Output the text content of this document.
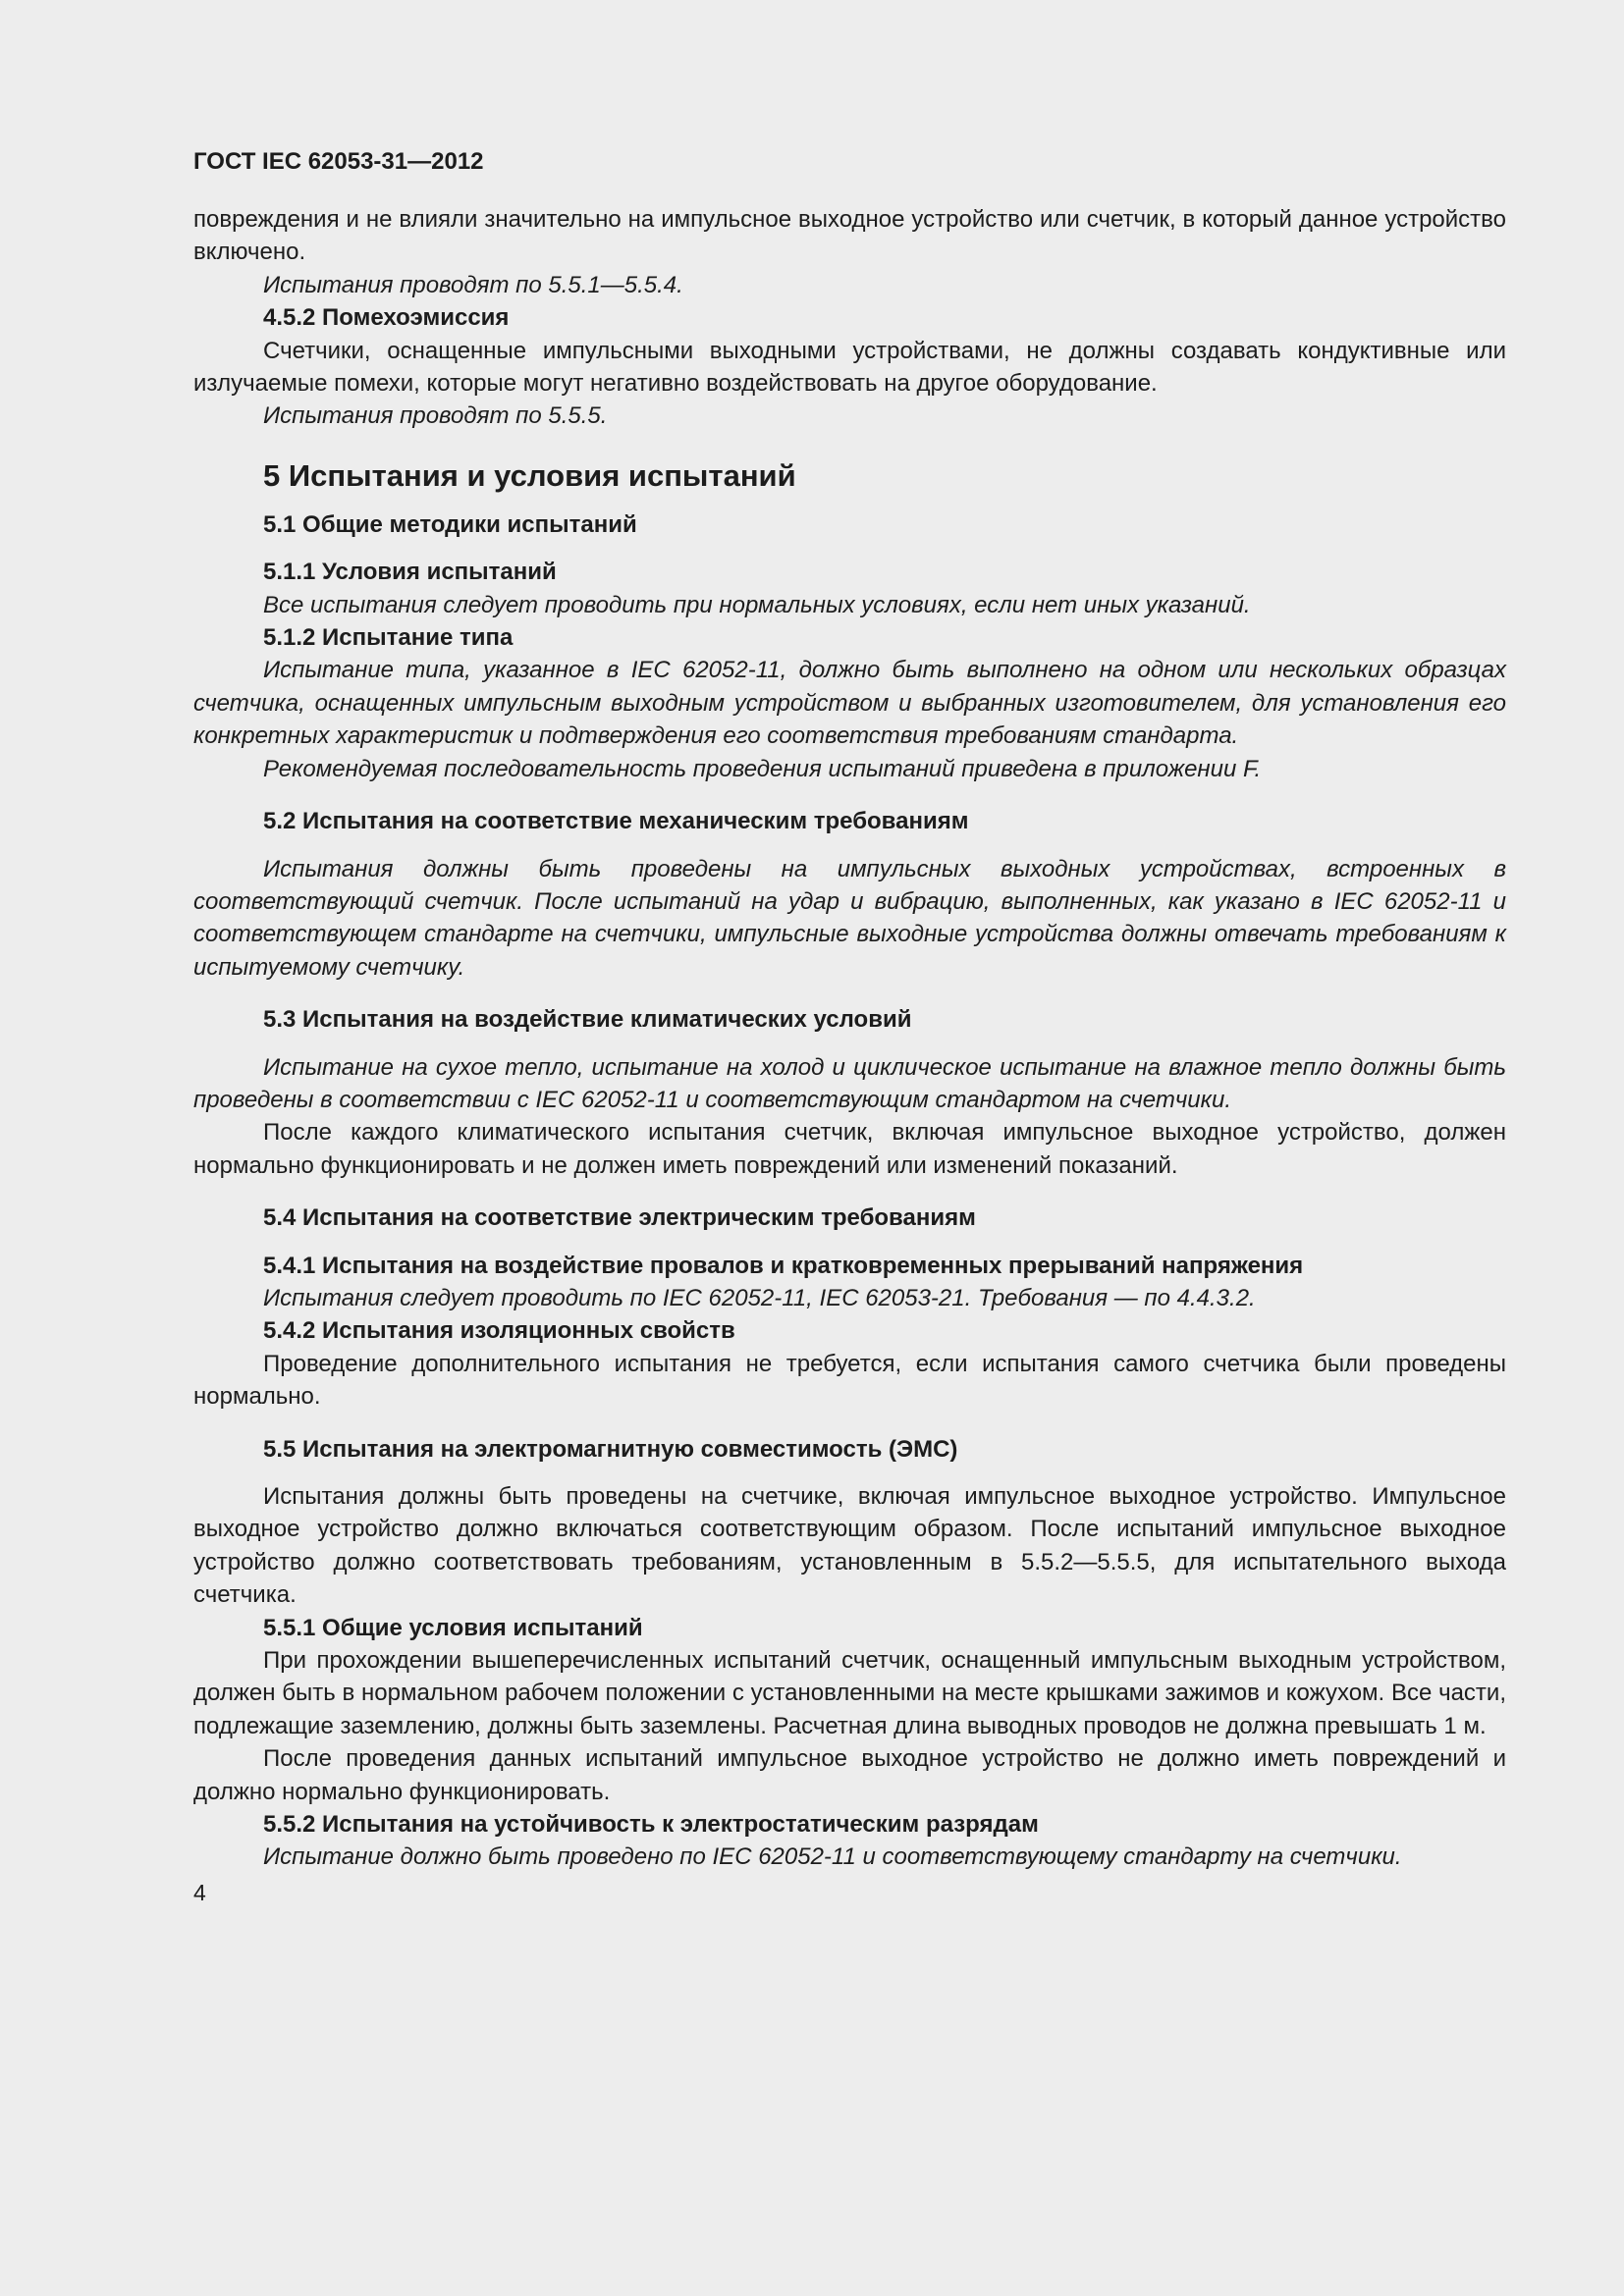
ГОСТ IEC 62053-31—2012

повреждения и не влияли значительно на импульсное выходное устройство или счетчик, в который данное устройство включено.

Испытания проводят по 5.5.1—5.5.4.

4.5.2 Помехоэмиссия

Счетчики, оснащенные импульсными выходными устройствами, не должны создавать кондуктивные или излучаемые помехи, которые могут негативно воздействовать на другое оборудование.

Испытания проводят по 5.5.5.

5 Испытания и условия испытаний
5.1 Общие методики испытаний
5.1.1 Условия испытаний

Все испытания следует проводить при нормальных условиях, если нет иных указаний.

5.1.2 Испытание типа

Испытание типа, указанное в IEC 62052-11, должно быть выполнено на одном или нескольких образцах счетчика, оснащенных импульсным выходным устройством и выбранных изготовителем, для установления его конкретных характеристик и подтверждения его соответствия требованиям стандарта.

Рекомендуемая последовательность проведения испытаний приведена в приложении F.

5.2 Испытания на соответствие механическим требованиям

Испытания должны быть проведены на импульсных выходных устройствах, встроенных в соответствующий счетчик. После испытаний на удар и вибрацию, выполненных, как указано в IEC 62052-11 и соответствующем стандарте на счетчики, импульсные выходные устройства должны отвечать требованиям к испытуемому счетчику.

5.3 Испытания на воздействие климатических условий

Испытание на сухое тепло, испытание на холод и циклическое испытание на влажное тепло должны быть проведены в соответствии с IEC 62052-11 и соответствующим стандартом на счетчики.

После каждого климатического испытания счетчик, включая импульсное выходное устройство, должен нормально функционировать и не должен иметь повреждений или изменений показаний.

5.4 Испытания на соответствие электрическим требованиям
5.4.1 Испытания на воздействие провалов и кратковременных прерываний напряжения

Испытания следует проводить по IEC 62052-11, IEC 62053-21. Требования — по 4.4.3.2.

5.4.2 Испытания изоляционных свойств

Проведение дополнительного испытания не требуется, если испытания самого счетчика были проведены нормально.

5.5 Испытания на электромагнитную совместимость (ЭМС)

Испытания должны быть проведены на счетчике, включая импульсное выходное устройство. Импульсное выходное устройство должно включаться соответствующим образом. После испытаний импульсное выходное устройство должно соответствовать требованиям, установленным в 5.5.2—5.5.5, для испытательного выхода счетчика.

5.5.1 Общие условия испытаний

При прохождении вышеперечисленных испытаний счетчик, оснащенный импульсным выходным устройством, должен быть в нормальном рабочем положении с установленными на месте крышками зажимов и кожухом. Все части, подлежащие заземлению, должны быть заземлены. Расчетная длина выводных проводов не должна превышать 1 м.

После проведения данных испытаний импульсное выходное устройство не должно иметь повреждений и должно нормально функционировать.

5.5.2 Испытания на устойчивость к электростатическим разрядам

Испытание должно быть проведено по IEC 62052-11 и соответствующему стандарту на счетчики.

4
